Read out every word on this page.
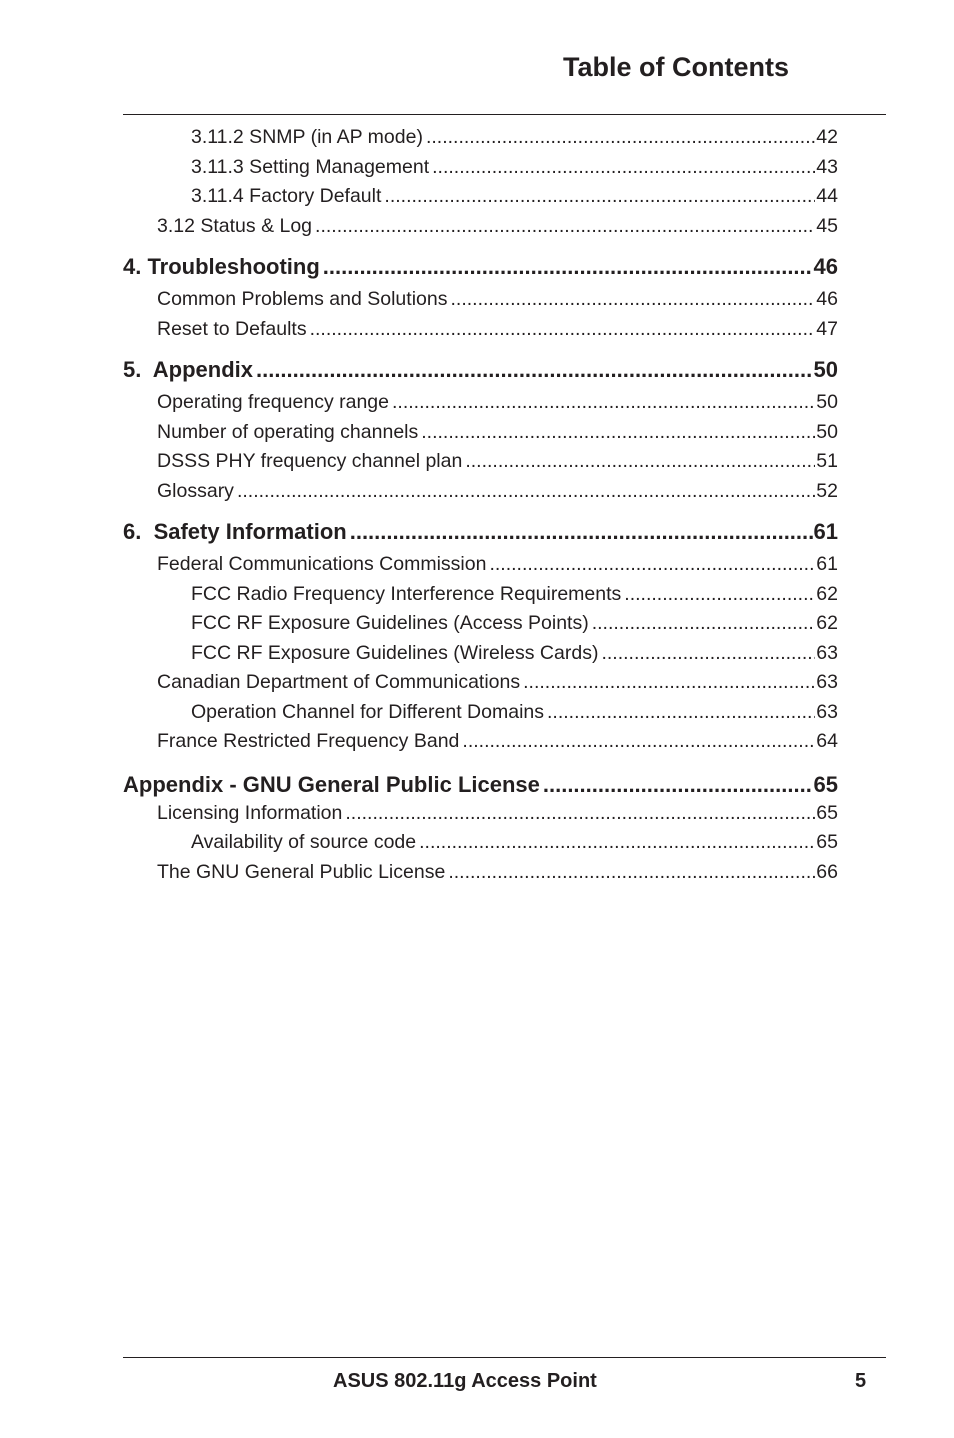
Table of Contents
3.11.2 SNMP (in AP mode) .....	42
3.11.3 Setting Management .....	43
3.11.4 Factory Default .....	44
3.12 Status & Log .....	45
4. Troubleshooting .....	46
Common Problems and Solutions .....	46
Reset to Defaults .....	47
5.  Appendix .....	50
Operating frequency range .....	50
Number of operating channels .....	50
DSSS PHY frequency channel plan .....	51
Glossary .....	52
6.  Safety Information .....	61
Federal Communications Commission .....	61
FCC Radio Frequency Interference Requirements .....	62
FCC RF Exposure Guidelines (Access Points) .....	62
FCC RF Exposure Guidelines (Wireless Cards) .....	63
Canadian Department of Communications .....	63
Operation Channel for Different Domains .....	63
France Restricted Frequency Band .....	64
Appendix - GNU General Public License .....	65
Licensing Information .....	65
Availability of source code .....	65
The GNU General Public License .....	66
ASUS 802.11g Access Point	5
